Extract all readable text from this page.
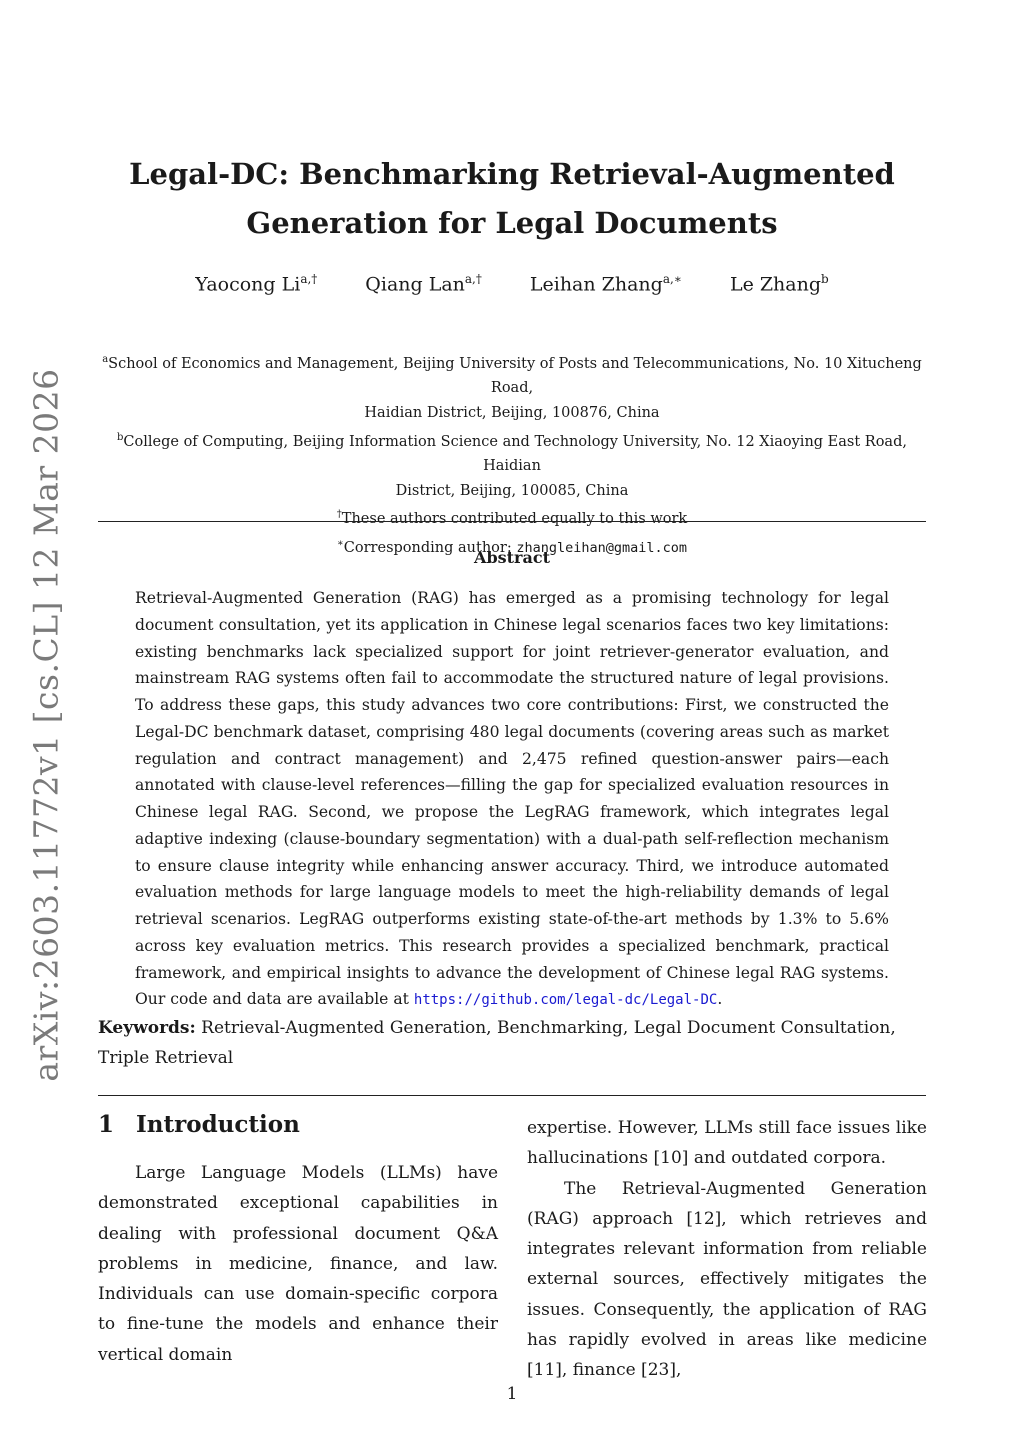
arXiv:2603.11772v1 [cs.CL] 12 Mar 2026
Legal-DC: Benchmarking Retrieval-Augmented
Generation for Legal Documents
Yaocong $Li^{a,\dagger}$	Qiang Lan$^{a,\dagger}$	Leihan Zhang$^{a,∗}$	Le Zhang$^b$
$^a$School of Economics and Management, Beijing University of Posts and Telecommunications, No. 10 Xitucheng Road,
Haidian District, Beijing, 100876, China
$^b$College of Computing, Beijing Information Science and Technology University, No. 12 Xiaoying East Road, Haidian
District, Beijing, 100085, China
†These authors contributed equally to this work
∗Corresponding author: zhangleihan@gmail.com
Abstract

Retrieval-Augmented Generation (RAG) has emerged as a promising technology for legal document consultation, yet its application in Chinese legal scenarios faces two key limitations: existing benchmarks lack specialized support for joint retriever-generator evaluation, and mainstream RAG systems often fail to accommodate the structured nature of legal provisions. To address these gaps, this study advances two core contributions: First, we constructed the Legal-DC benchmark dataset, comprising 480 legal documents (covering areas such as market regulation and contract management) and 2,475 refined question-answer pairs—each annotated with clause-level references—filling the gap for specialized evaluation resources in Chinese legal RAG. Second, we propose the LegRAG framework, which integrates legal adaptive indexing (clause-boundary segmentation) with a dual-path self-reflection mechanism to ensure clause integrity while enhancing answer accuracy. Third, we introduce automated evaluation methods for large language models to meet the high-reliability demands of legal retrieval scenarios. LegRAG outperforms existing state-of-the-art methods by 1.3% to 5.6% across key evaluation metrics. This research provides a specialized benchmark, practical framework, and empirical insights to advance the development of Chinese legal RAG systems. Our code and data are available at https://github.com/legal-dc/Legal-DC.

Keywords: Retrieval-Augmented Generation, Benchmarking, Legal Document Consultation, Triple Retrieval

1 Introduction

Large Language Models (LLMs) have demonstrated exceptional capabilities in dealing with professional document Q&A problems in medicine, finance, and law. Individuals can use domain-specific corpora to fine-tune the models and enhance their vertical domain

expertise. However, LLMs still face issues like hallucinations [10] and outdated corpora.

The Retrieval-Augmented Generation (RAG) approach [12], which retrieves and integrates relevant information from reliable external sources, effectively mitigates the issues. Consequently, the application of RAG has rapidly evolved in areas like medicine [11], finance [23],

1
